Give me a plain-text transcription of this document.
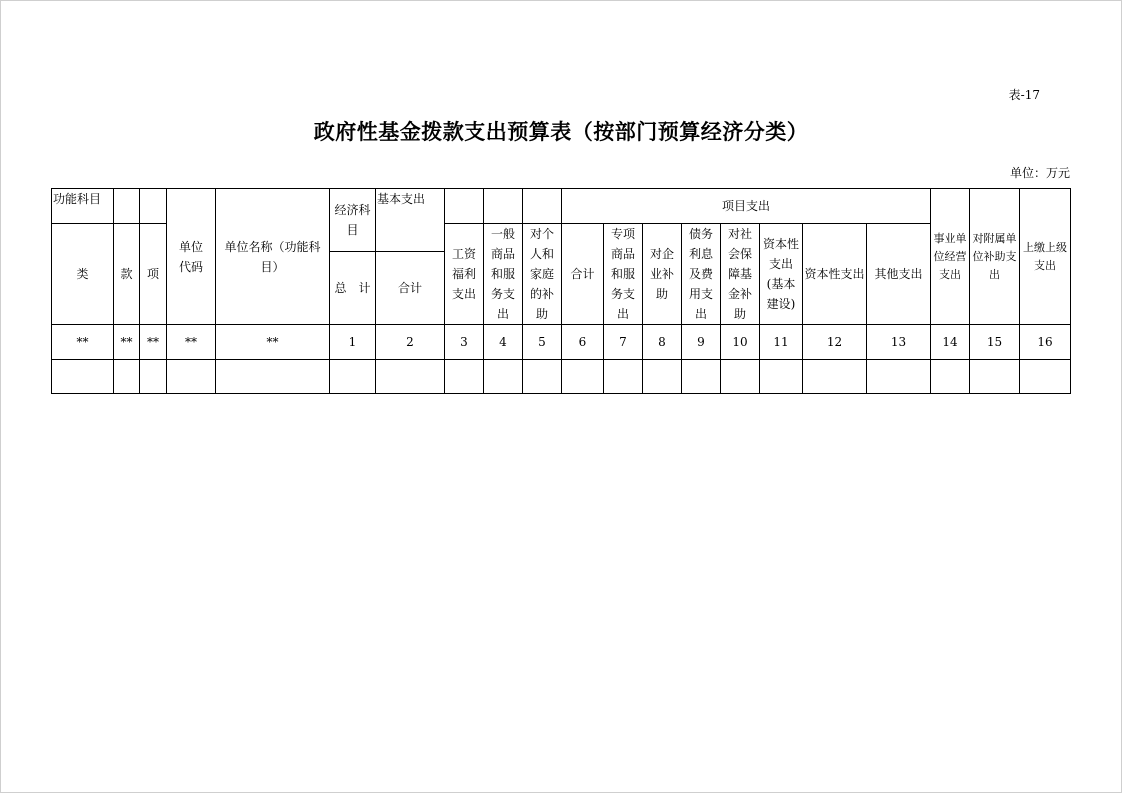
表-17
政府性基金拨款支出预算表（按部门预算经济分类）
单位：万元
功能科目			单位代码	单位名称（功能科目）	经济科目	基本支出				项目支出								事业单位经营支出	对附属单位补助支出	上缴上级支出
类	款	项					工资福利支出	一般商品和服务支出	对个人和家庭的补助	合计	专项商品和服务支出	对企业补助	债务利息及费用支出	对社会保障基金补助	资本性支出(基本建设)	资本性支出	其他支出			
					总　计	合计														
**	**	**	**	**	1	2	3	4	5	6	7	8	9	10	11	12	13	14	15	16
